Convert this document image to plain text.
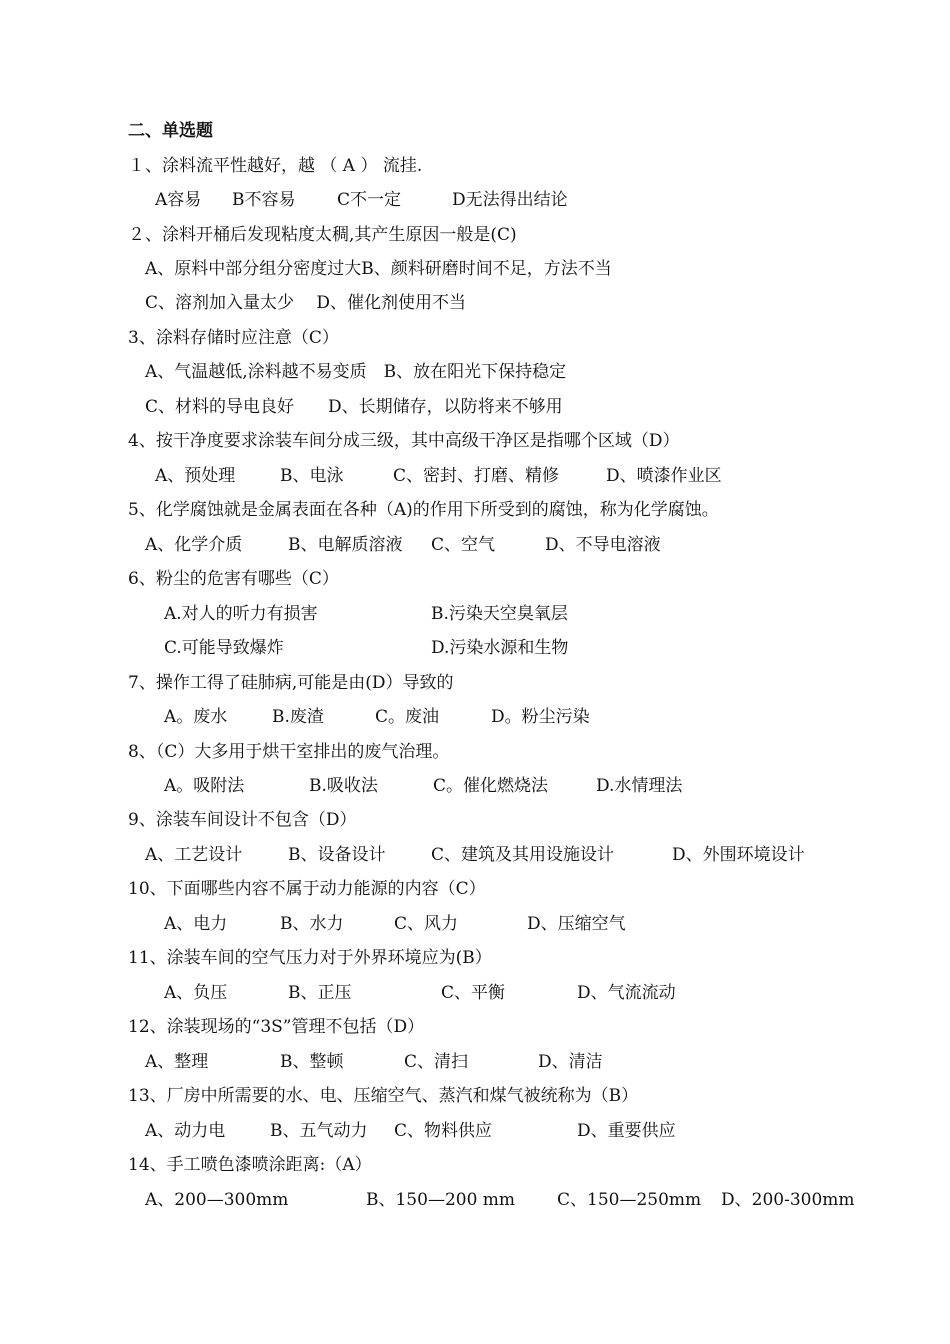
二、单选题
１、涂料流平性越好，越 （ A ） 流挂.
A容易 B不容易 C不一定	D无法得出结论
２、涂料开桶后发现粘度太稠,其产生原因一般是(C)
A、原料中部分组分密度过大B、颜料研磨时间不足，方法不当
C、溶剂加入量太少　 D、催化剂使用不当
3、涂料存储时应注意（C）
A、气温越低,涂料越不易变质　B、放在阳光下保持稳定
C、材料的导电良好　　D、长期储存，以防将来不够用
4、按干净度要求涂装车间分成三级，其中高级干净区是指哪个区域（D）
A、预处理	B、电泳	C、密封、打磨、精修	D、喷漆作业区
5、化学腐蚀就是金属表面在各种（A)的作用下所受到的腐蚀，称为化学腐蚀。
A、化学介质	B、电解质溶液 C、空气	D、不导电溶液
6、粉尘的危害有哪些（C）
A.对人的听力有损害	B.污染天空臭氧层
C.可能导致爆炸	D.污染水源和生物
7、操作工得了硅肺病,可能是由(D）导致的
A。废水	B.废渣	C。废油	D。粉尘污染
8、（C）大多用于烘干室排出的废气治理。
A。吸附法	B.吸收法	C。催化燃烧法	D.水情理法
9、涂装车间设计不包含（D）
A、工艺设计	B、设备设计	C、建筑及其用设施设计	D、外围环境设计
10、下面哪些内容不属于动力能源的内容（C）
A、电力	B、水力	C、风力	D、压缩空气
11、涂装车间的空气压力对于外界环境应为(B）
A、负压	B、正压	C、平衡	D、气流流动
12、涂装现场的“3S”管理不包括（D）
A、整理	B、整顿	C、清扫	D、清洁
13、厂房中所需要的水、电、压缩空气、蒸汽和煤气被统称为（B）
A、动力电	B、五气动力 C、物料供应	D、重要供应
14、手工喷色漆喷涂距离:（A）
A、200—300mm	B、150—200 mm C、150—250mm D、200-300mm
